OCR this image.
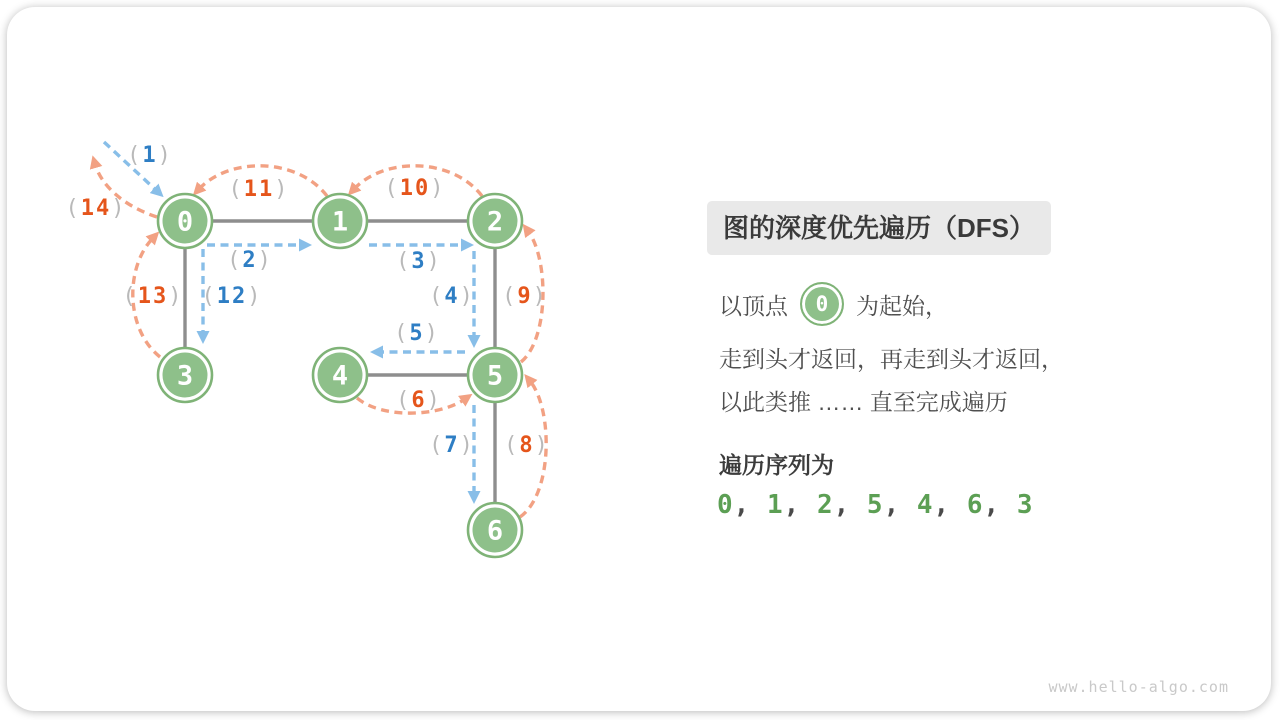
(6)
(8)
(9)
(10)
(11)
(13)
(14)
(1)
(2)	(3)
(4)
(5)
(7)
(12)
0	1	2
3	4	5
6
图的深度优先遍历（DFS）
以顶点 0 为起始，
走到头才返回，再走到头才返回，
以此类推 …… 直至完成遍历
遍历序列为
0, 1, 2, 5, 4, 6, 3
www.hello-algo.com
